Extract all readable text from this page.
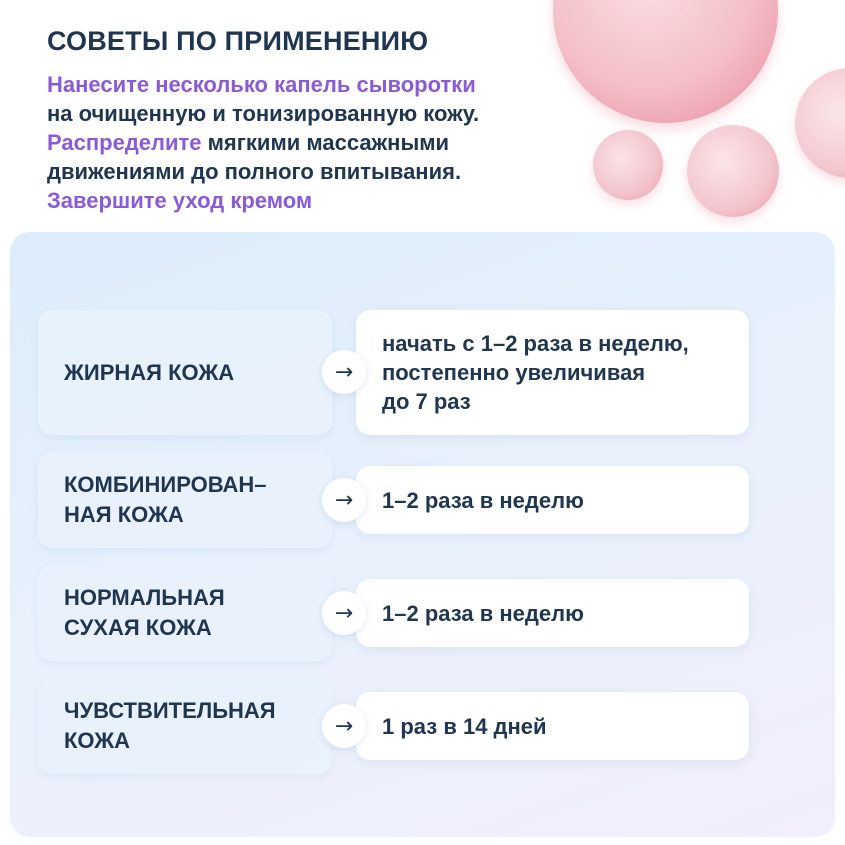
СОВЕТЫ ПО ПРИМЕНЕНИЮ
Нанесите несколько капель сыворотки
на очищенную и тонизированную кожу.
Распределите мягкими массажными
движениями до полного впитывания.
Завершите уход кремом
ЖИРНАЯ КОЖА	→
начать с 1–2 раза в неделю,
постепенно увеличивая
до 7 раз
КОМБИНИРОВАН–
НАЯ КОЖА
→	1–2 раза в неделю
НОРМАЛЬНАЯ
СУХАЯ КОЖА
→	1–2 раза в неделю
ЧУВСТВИТЕЛЬНАЯ
КОЖА
→	1 раз в 14 дней
